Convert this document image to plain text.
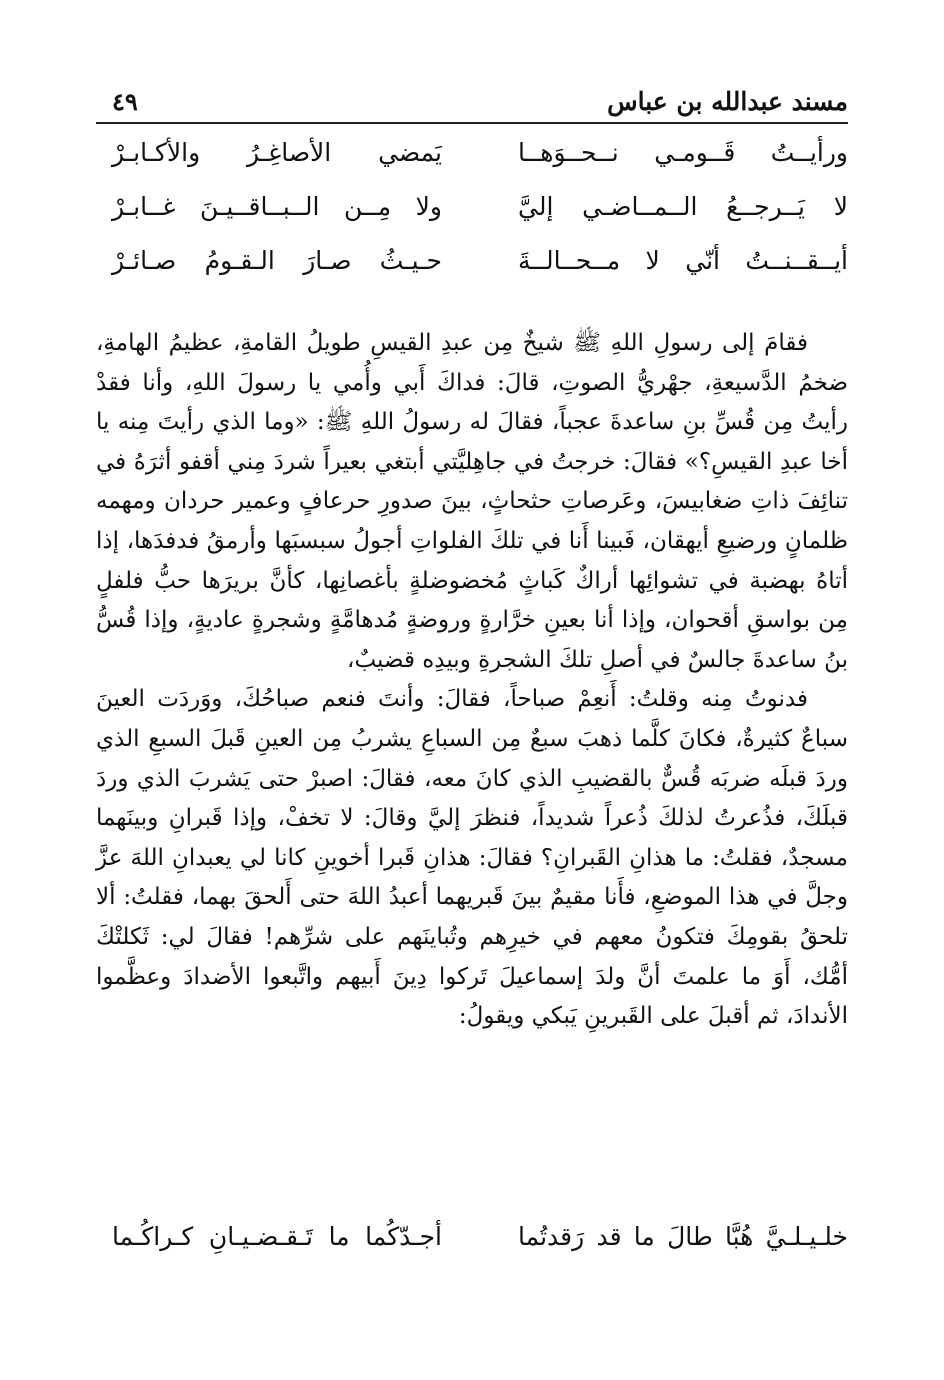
مسند عبدالله بن عباس
٤٩
ورأيــتُ قَــومـي نــحــوَهــا
يَمضي الأصاغِـرُ والأكـابـرْ
لا يَــرجــعُ الــمــاضـي إليَّ
ولا مِــن الــبــاقــيـنَ غــابـرْ
أيــقــنــتُ أنّي لا مــحــالــةَ
حـيـثُ صـارَ الـقـومُ صـائـرْ

فقامَ إلى رسولِ اللهِ ﷺ شيخٌ مِن عبدِ القيسِ طويلُ القامةِ، عظيمُ الهامةِ، ضخمُ الدَّسيعةِ، جهْريُّ الصوتِ، قالَ: فداكَ أَبي وأُمي يا رسولَ اللهِ، وأنا فقدْ رأيتُ مِن قُسِّ بنِ ساعدةَ عجباً، فقالَ له رسولُ اللهِ ﷺ: «وما الذي رأيتَ مِنه يا أخا عبدِ القيسِ؟» فقالَ: خرجتُ في جاهِليَّتي أبتغي بعيراً شردَ مِني أقفو أثرَهُ في تنائِفَ ذاتِ ضغابيسَ، وعَرصاتِ حثحاثٍ، بينَ صدورِ حرعافٍ وعمير حردان ومهمه ظلمانٍ ورضيعِ أيهقان، فَبينا أَنا في تلكَ الفلواتِ أجولُ سبسبَها وأرمقُ فدفدَها، إذا أتاهُ بهضبة في تشوائِها أراكٌ كَباثٍ مُخضوضلةٍ بأغصانِها، كأنَّ بريرَها حبُّ فلفلٍ مِن بواسقِ أقحوان، وإذا أنا بعينِ خرَّارةٍ وروضةٍ مُدهامَّةٍ وشجرةٍ عاديةٍ، وإذا قُسُّ بنُ ساعدةَ جالسٌ في أصلِ تلكَ الشجرةِ وبيدِه قضيبٌ،

فدنوتُ مِنه وقلتُ: أَنعِمْ صباحاً، فقالَ: وأنتَ فنعم صباحُكَ، ووَردَت العينَ سباعٌ كثيرةٌ، فكانَ كلَّما ذهبَ سبعٌ مِن السباعِ يشربُ مِن العينِ قَبلَ السبعِ الذي وردَ قبلَه ضربَه قُسٌّ بالقضيبِ الذي كانَ معه، فقالَ: اصبرْ حتى يَشربَ الذي وردَ قبلَكَ، فذُعرتُ لذلكَ ذُعراً شديداً، فنظرَ إليَّ وقالَ: لا تخفْ، وإذا قَبرانِ وبينَهما مسجدٌ، فقلتُ: ما هذانِ القَبرانِ؟ فقالَ: هذانِ قَبرا أخوينِ كانا لي يعبدانِ اللهَ عزَّ وجلَّ في هذا الموضعِ، فأَنا مقيمٌ بينَ قَبريهما أعبدُ اللهَ حتى أَلحقَ بهما، فقلتُ: ألا تلحقُ بقومِكَ فتكونُ معهم في خيرِهم وتُباينَهم على شرِّهم! فقالَ لي: ثَكلتْكَ أمُّك، أَوَ ما علمتَ أنَّ ولدَ إسماعيلَ تَركوا دِينَ أَبيهم واتَّبعوا الأضدادَ وعظَّموا الأندادَ، ثم أقبلَ على القَبرينِ يَبكي ويقولُ:

خلـيـلـيَّ هُبَّا طالَ ما قد رَقدتُما
أجـدّكُما ما تَـقـضـيـانِ كـراكُـما
